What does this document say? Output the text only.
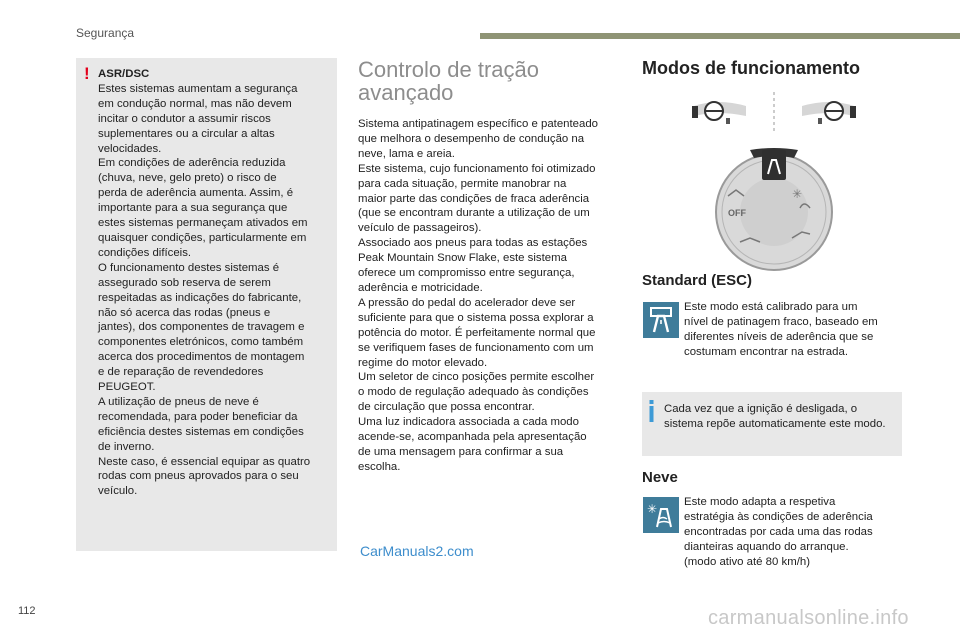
Segurança
! ASR/DSC
Estes sistemas aumentam a segurança
em condução normal, mas não devem
incitar o condutor a assumir riscos
suplementares ou a circular a altas
velocidades.
Em condições de aderência reduzida
(chuva, neve, gelo preto) o risco de
perda de aderência aumenta. Assim, é
importante para a sua segurança que
estes sistemas permaneçam ativados em
quaisquer condições, particularmente em
condições difíceis.
O funcionamento destes sistemas é
assegurado sob reserva de serem
respeitadas as indicações do fabricante,
não só acerca das rodas (pneus e
jantes), dos componentes de travagem e
componentes eletrónicos, como também
acerca dos procedimentos de montagem
e de reparação de revendedores
PEUGEOT.
A utilização de pneus de neve é
recomendada, para poder beneficiar da
eficiência destes sistemas em condições
de inverno.
Neste caso, é essencial equipar as quatro
rodas com pneus aprovados para o seu
veículo.
Controlo de tração
avançado
Sistema antipatinagem específico e patenteado
que melhora o desempenho de condução na
neve, lama e areia.
Este sistema, cujo funcionamento foi otimizado
para cada situação, permite manobrar na
maior parte das condições de fraca aderência
(que se encontram durante a utilização de um
veículo de passageiros).
Associado aos pneus para todas as estações
Peak Mountain Snow Flake, este sistema
oferece um compromisso entre segurança,
aderência e motricidade.
A pressão do pedal do acelerador deve ser
suficiente para que o sistema possa explorar a
potência do motor. É perfeitamente normal que
se verifiquem fases de funcionamento com um
regime do motor elevado.
Um seletor de cinco posições permite escolher
o modo de regulação adequado às condições
de circulação que possa encontrar.
Uma luz indicadora associada a cada modo
acende-se, acompanhada pela apresentação
de uma mensagem para confirmar a sua
escolha.
Modos de funcionamento
OFF
✳
Standard (ESC)
Este modo está calibrado para um
nível de patinagem fraco, baseado em
diferentes níveis de aderência que se
costumam encontrar na estrada.
Cada vez que a ignição é desligada, o sistema repõe automaticamente este modo.
Neve
✳ Este modo adapta a respetiva
estratégia às condições de aderência
encontradas por cada uma das rodas
dianteiras aquando do arranque.
(modo ativo até 80 km/h)
CarManuals2.com
carmanualsonline.info
112
